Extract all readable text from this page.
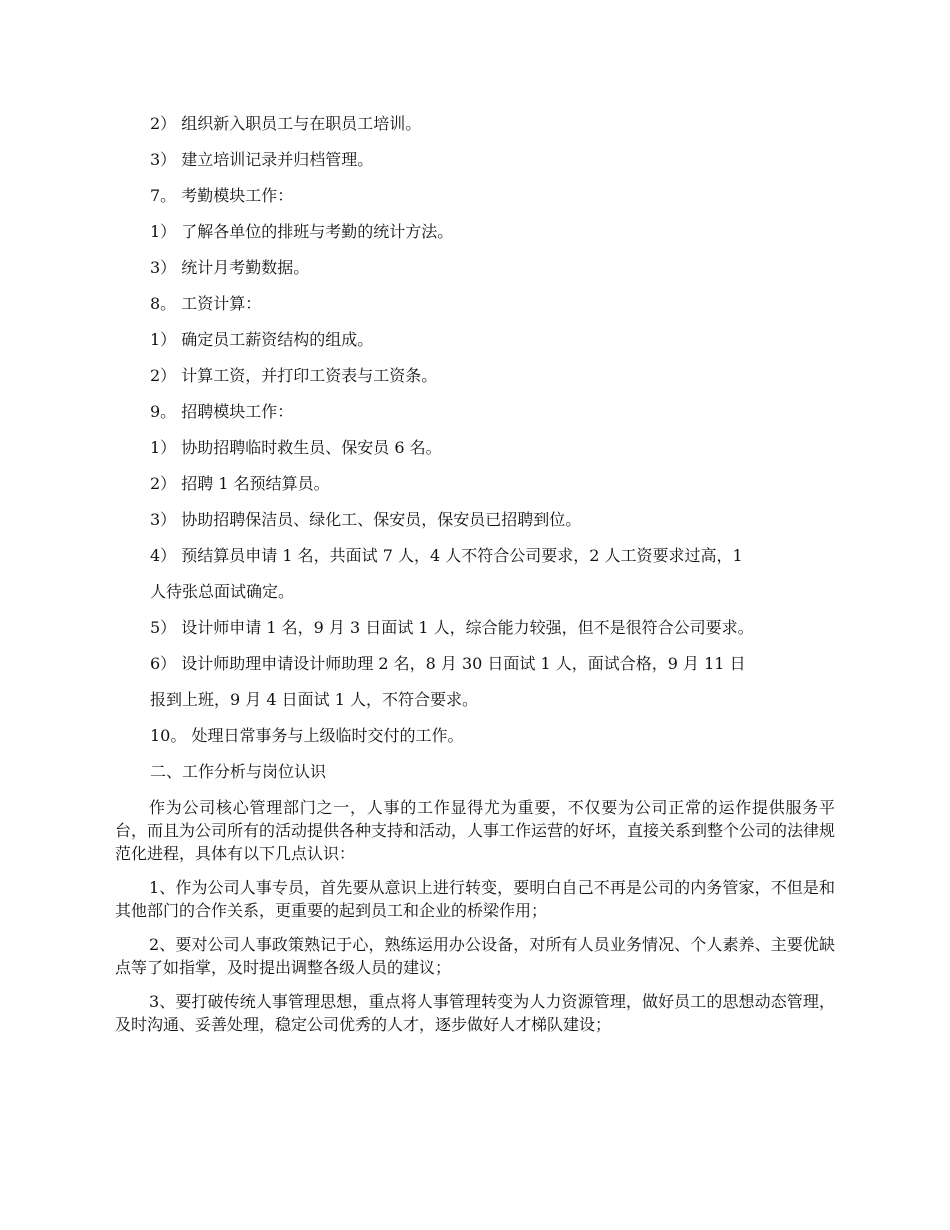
2） 组织新入职员工与在职员工培训。
3） 建立培训记录并归档管理。
7。 考勤模块工作：
1） 了解各单位的排班与考勤的统计方法。
3） 统计月考勤数据。
8。 工资计算：
1） 确定员工薪资结构的组成。
2） 计算工资，并打印工资表与工资条。
9。 招聘模块工作：
1） 协助招聘临时救生员、保安员 6 名。
2） 招聘 1 名预结算员。
3） 协助招聘保洁员、绿化工、保安员，保安员已招聘到位。
4） 预结算员申请 1 名，共面试 7 人，4 人不符合公司要求，2 人工资要求过高，1
人待张总面试确定。
5） 设计师申请 1 名，9 月 3 日面试 1 人，综合能力较强，但不是很符合公司要求。
6） 设计师助理申请设计师助理 2 名，8 月 30 日面试 1 人，面试合格，9 月 11 日
报到上班，9 月 4 日面试 1 人，不符合要求。
10。 处理日常事务与上级临时交付的工作。
二、工作分析与岗位认识
作为公司核心管理部门之一，人事的工作显得尤为重要，不仅要为公司正常的运作提供服务平台，而且为公司所有的活动提供各种支持和活动，人事工作运营的好坏，直接关系到整个公司的法律规范化进程，具体有以下几点认识：
1、作为公司人事专员，首先要从意识上进行转变，要明白自己不再是公司的内务管家，不但是和其他部门的合作关系，更重要的起到员工和企业的桥梁作用；
2、要对公司人事政策熟记于心，熟练运用办公设备，对所有人员业务情况、个人素养、主要优缺点等了如指掌，及时提出调整各级人员的建议；
3、要打破传统人事管理思想，重点将人事管理转变为人力资源管理，做好员工的思想动态管理，及时沟通、妥善处理，稳定公司优秀的人才，逐步做好人才梯队建设；
